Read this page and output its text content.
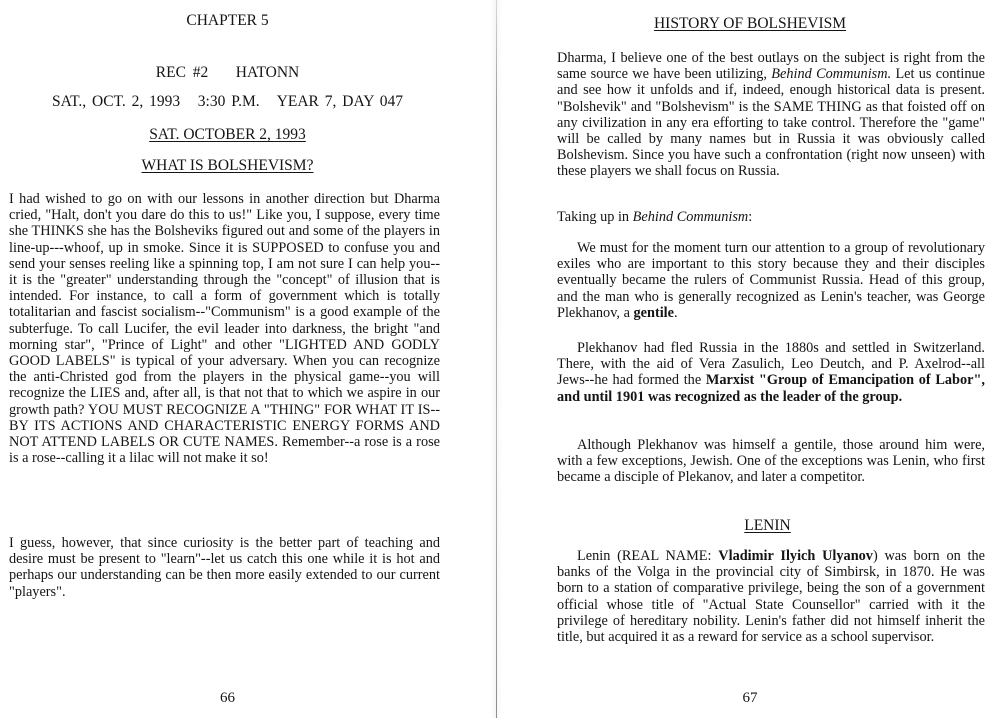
CHAPTER 5
REC #2    HATONN
SAT., OCT. 2, 1993   3:30 P.M.   YEAR 7, DAY 047
SAT. OCTOBER 2, 1993
WHAT IS BOLSHEVISM?

I had wished to go on with our lessons in another direction but Dharma cried, "Halt, don't you dare do this to us!" Like you, I suppose, every time she THINKS she has the Bolsheviks figured out and some of the players in line-up---whoof, up in smoke. Since it is SUPPOSED to confuse you and send your senses reeling like a spinning top, I am not sure I can help you--it is the "greater" understanding through the "concept" of illusion that is intended. For instance, to call a form of government which is totally totalitarian and fascist socialism--"Communism" is a good example of the subterfuge. To call Lucifer, the evil leader into darkness, the bright "and morning star", "Prince of Light" and other "LIGHTED AND GODLY GOOD LABELS" is typical of your adversary. When you can recognize the anti-Christed god from the players in the physical game--you will recognize the LIES and, after all, is that not that to which we aspire in our growth path? YOU MUST RECOGNIZE A "THING" FOR WHAT IT IS--BY ITS ACTIONS AND CHARACTERISTIC ENERGY FORMS AND NOT ATTEND LABELS OR CUTE NAMES. Remember--a rose is a rose is a rose--calling it a lilac will not make it so!

I guess, however, that since curiosity is the better part of teaching and desire must be present to "learn"--let us catch this one while it is hot and perhaps our understanding can be then more easily extended to our current "players".

66
HISTORY OF BOLSHEVISM

Dharma, I believe one of the best outlays on the subject is right from the same source we have been utilizing, Behind Communism. Let us continue and see how it unfolds and if, indeed, enough historical data is present. "Bolshevik" and "Bolshevism" is the SAME THING as that foisted off on any civilization in any era efforting to take control. Therefore the "game" will be called by many names but in Russia it was obviously called Bolshevism. Since you have such a confrontation (right now unseen) with these players we shall focus on Russia.

Taking up in Behind Communism:

We must for the moment turn our attention to a group of revolutionary exiles who are important to this story because they and their disciples eventually became the rulers of Communist Russia. Head of this group, and the man who is generally recognized as Lenin's teacher, was George Plekhanov, a gentile.

Plekhanov had fled Russia in the 1880s and settled in Switzerland. There, with the aid of Vera Zasulich, Leo Deutch, and P. Axelrod--all Jews--he had formed the Marxist "Group of Emancipation of Labor", and until 1901 was recognized as the leader of the group.

Although Plekhanov was himself a gentile, those around him were, with a few exceptions, Jewish. One of the exceptions was Lenin, who first became a disciple of Plekanov, and later a competitor.

LENIN

Lenin (REAL NAME: Vladimir Ilyich Ulyanov) was born on the banks of the Volga in the provincial city of Simbirsk, in 1870. He was born to a station of comparative privilege, being the son of a government official whose title of "Actual State Counsellor" carried with it the privilege of hereditary nobility. Lenin's father did not himself inherit the title, but acquired it as a reward for service as a school supervisor.

67
